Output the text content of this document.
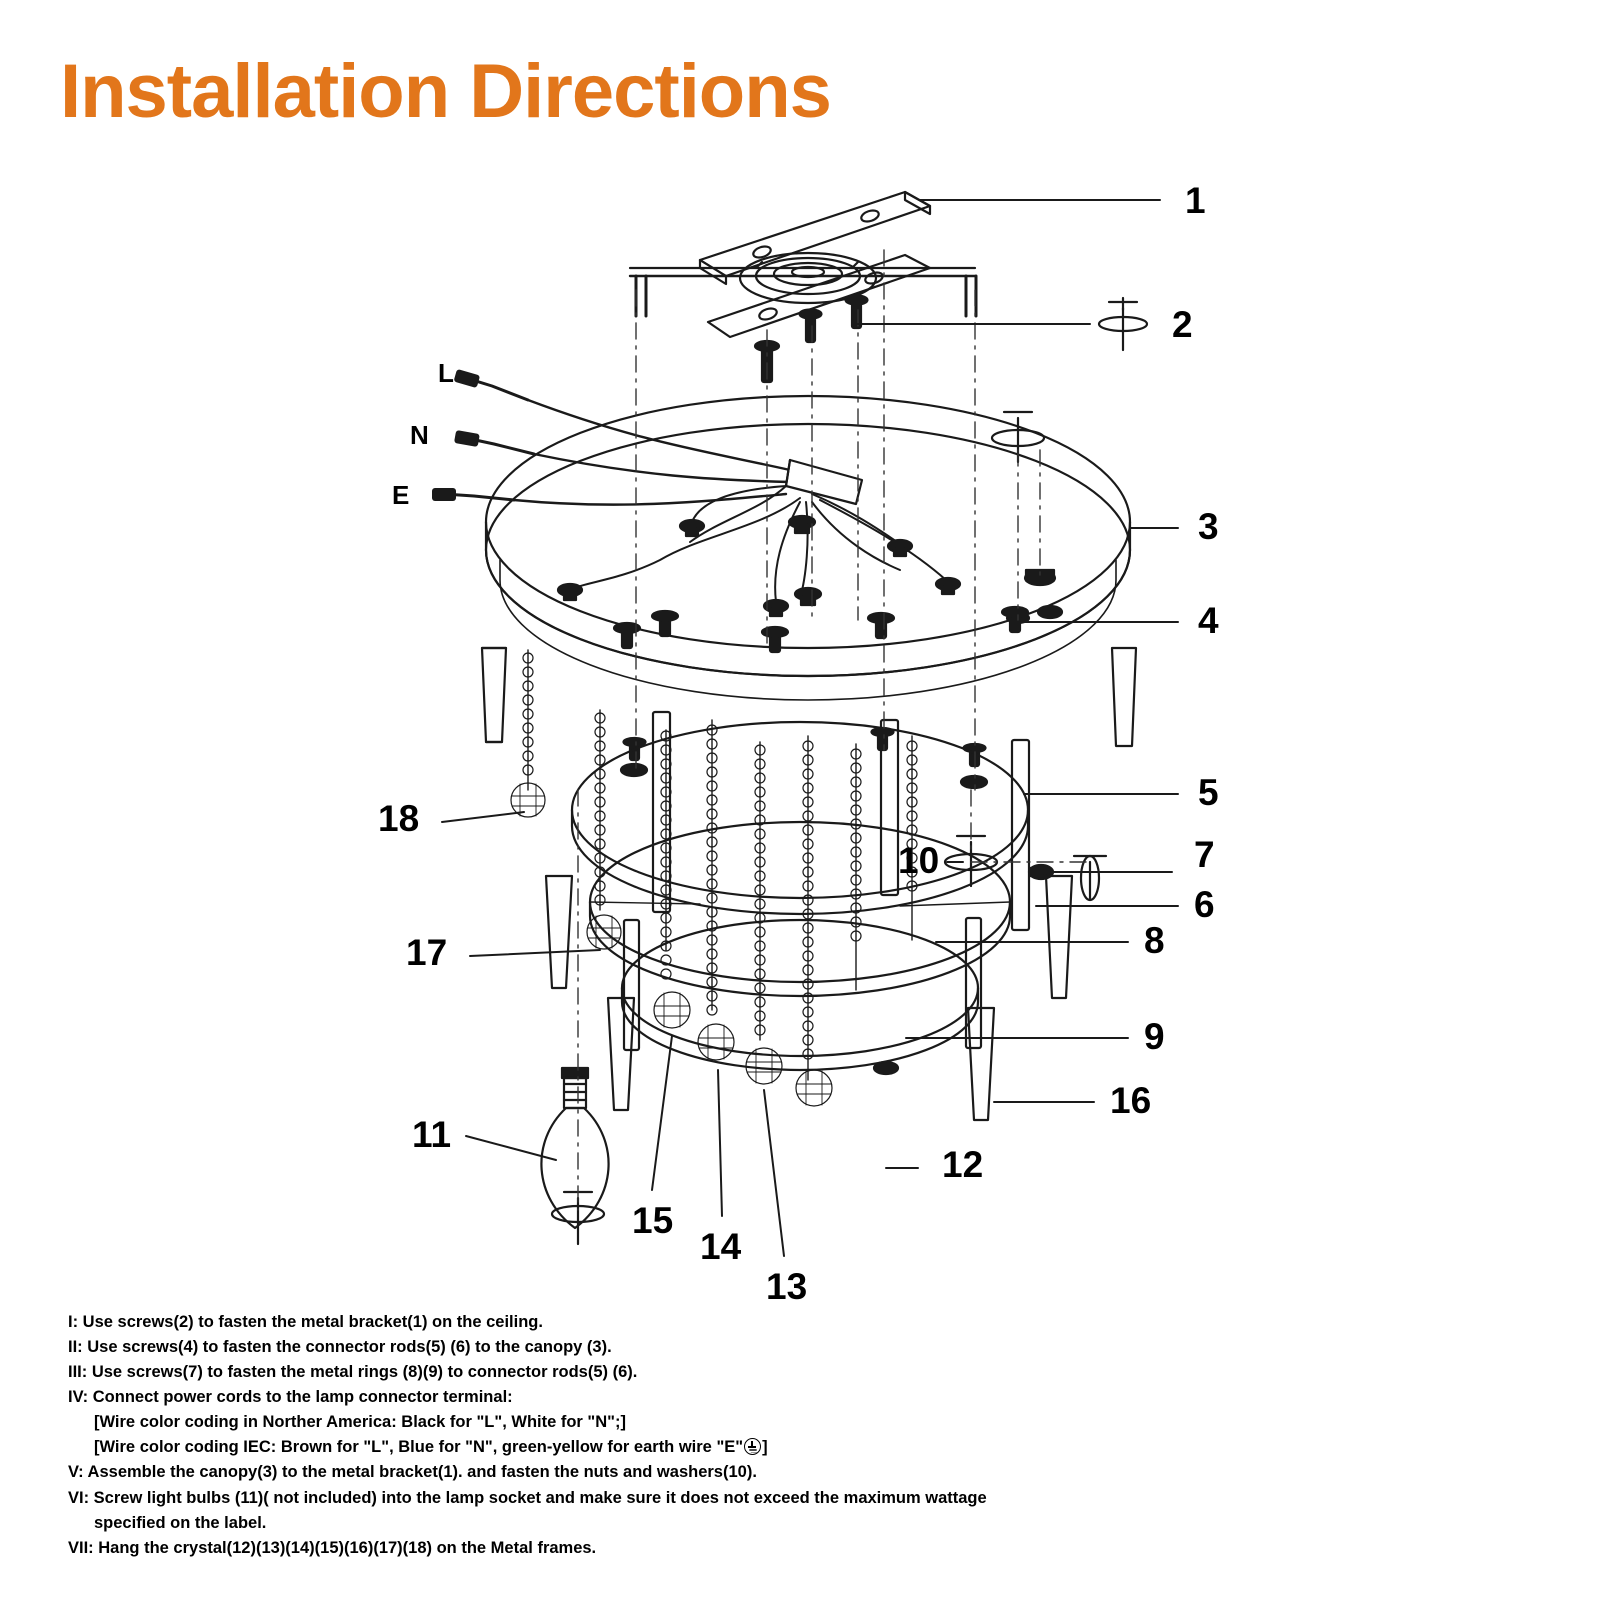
Installation Directions
L
N
E
1
2
3
4
5
7
6
8
9
10
11
12
13
14
15
16
17
18
I: Use screws(2) to fasten the metal bracket(1) on the ceiling.
II: Use screws(4) to fasten the connector rods(5) (6) to the canopy (3).
III: Use screws(7) to fasten the metal rings (8)(9) to connector rods(5) (6).
IV: Connect power cords to the lamp connector terminal:
[Wire color coding in Norther America: Black for "L", White for "N";]
[Wire color coding IEC: Brown for "L", Blue for "N", green-yellow for earth wire "E" ]
V: Assemble the canopy(3) to the metal bracket(1). and fasten the nuts and washers(10).
VI: Screw light bulbs (11)( not included) into the lamp socket and make sure it does not exceed the maximum wattage
specified on the label.
VII: Hang the crystal(12)(13)(14)(15)(16)(17)(18) on the Metal frames.
